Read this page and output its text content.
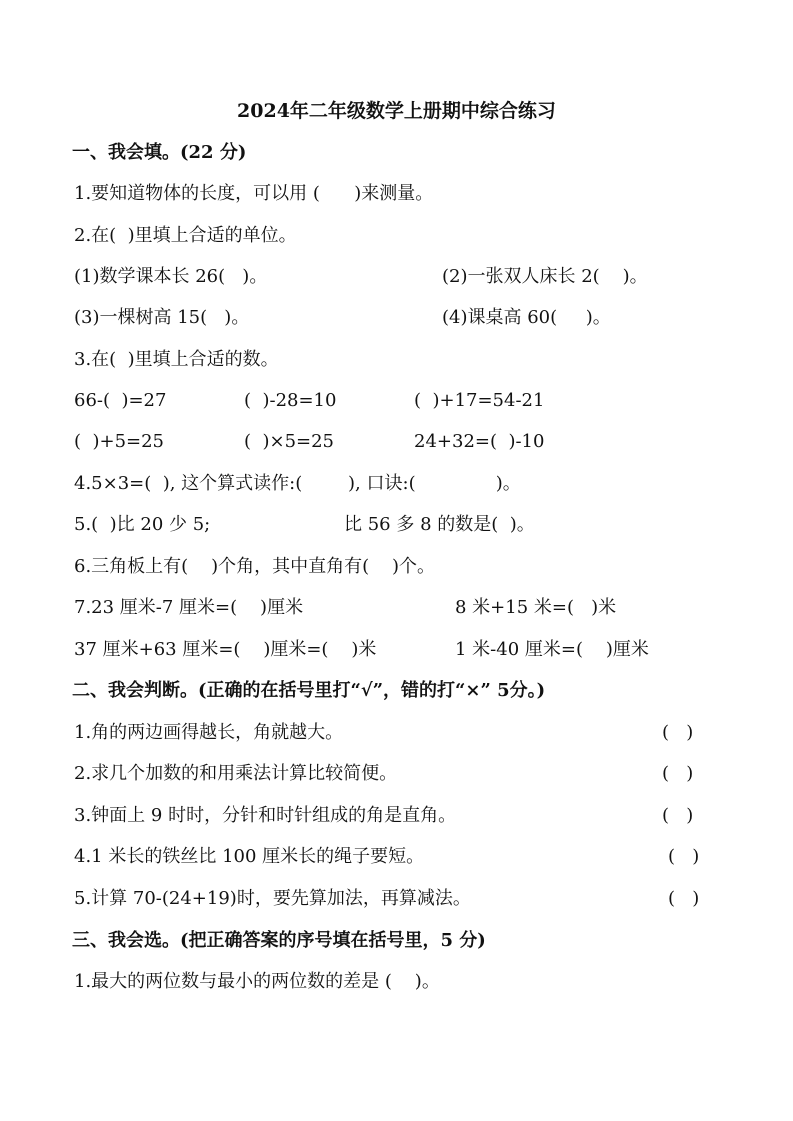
2024年二年级数学上册期中综合练习
一、我会填。(22 分)
1.要知道物体的长度，可以用 (      )来测量。
2.在(  )里填上合适的单位。
(1)数学课本长 26(   )。	(2)一张双人床长 2(    )。
(3)一棵树高 15(   )。	(4)课桌高 60(     )。
3.在(  )里填上合适的数。
66-(  )=27	(  )-28=10	(  )+17=54-21
(  )+5=25	(  )×5=25	24+32=(  )-10
4.5×3=(  ), 这个算式读作:(        ), 口诀:(              )。
5.(  )比 20 少 5;	比 56 多 8 的数是(  )。
6.三角板上有(    )个角，其中直角有(    )个。
7.23 厘米-7 厘米=(    )厘米	8 米+15 米=(   )米
37 厘米+63 厘米=(    )厘米=(    )米	1 米-40 厘米=(    )厘米
二、我会判断。(正确的在括号里打“√”，错的打“×” 5分。)
1.角的两边画得越长，角就越大。	(   )
2.求几个加数的和用乘法计算比较简便。	(   )
3.钟面上 9 时时，分针和时针组成的角是直角。	(   )
4.1 米长的铁丝比 100 厘米长的绳子要短。	(   )
5.计算 70-(24+19)时，要先算加法，再算减法。	(   )
三、我会选。(把正确答案的序号填在括号里，5 分)
1.最大的两位数与最小的两位数的差是 (    )。
